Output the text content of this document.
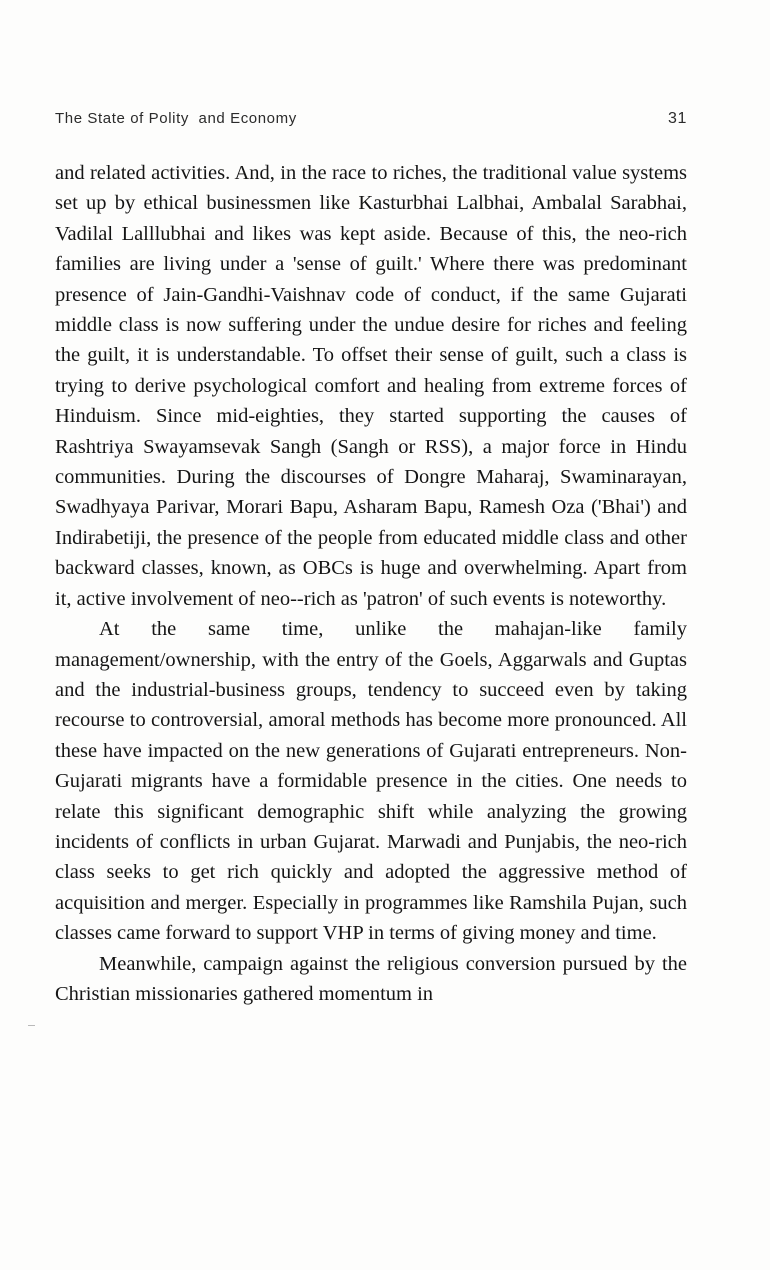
The State of Polity  and Economy	31

and related activities. And, in the race to riches, the traditional value systems set up by ethical businessmen like Kasturbhai Lalbhai, Ambalal Sarabhai, Vadilal Lalllubhai and likes was kept aside. Because of this, the neo-rich families are living under a 'sense of guilt.' Where there was predominant presence of Jain-Gandhi-Vaishnav code of conduct, if the same Gujarati middle class is now suffering under the undue desire for riches and feeling the guilt, it is understandable. To offset their sense of guilt, such a class is trying to derive psychological comfort and healing from extreme forces of Hinduism. Since mid-eighties, they started supporting the causes of Rashtriya Swayamsevak Sangh (Sangh or RSS), a major force in Hindu communities. During the discourses of Dongre Maharaj, Swaminarayan, Swadhyaya Parivar, Morari Bapu, Asharam Bapu, Ramesh Oza ('Bhai') and Indirabetiji, the presence of the people from educated middle class and other backward classes, known, as OBCs is huge and overwhelming. Apart from it, active involvement of neo--rich as 'patron' of such events is noteworthy.

At the same time, unlike the mahajan-like family management/ownership, with the entry of the Goels, Aggarwals and Guptas and the industrial-business groups, tendency to succeed even by taking recourse to controversial, amoral methods has become more pronounced. All these have impacted on the new generations of Gujarati entrepreneurs. Non-Gujarati migrants have a formidable presence in the cities. One needs to relate this significant demographic shift while analyzing the growing incidents of conflicts in urban Gujarat. Marwadi and Punjabis, the neo-rich class seeks to get rich quickly and adopted the aggressive method of acquisition and merger. Especially in programmes like Ramshila Pujan, such classes came forward to support VHP in terms of giving money and time.

Meanwhile, campaign against the religious conversion pursued by the Christian missionaries gathered momentum in
